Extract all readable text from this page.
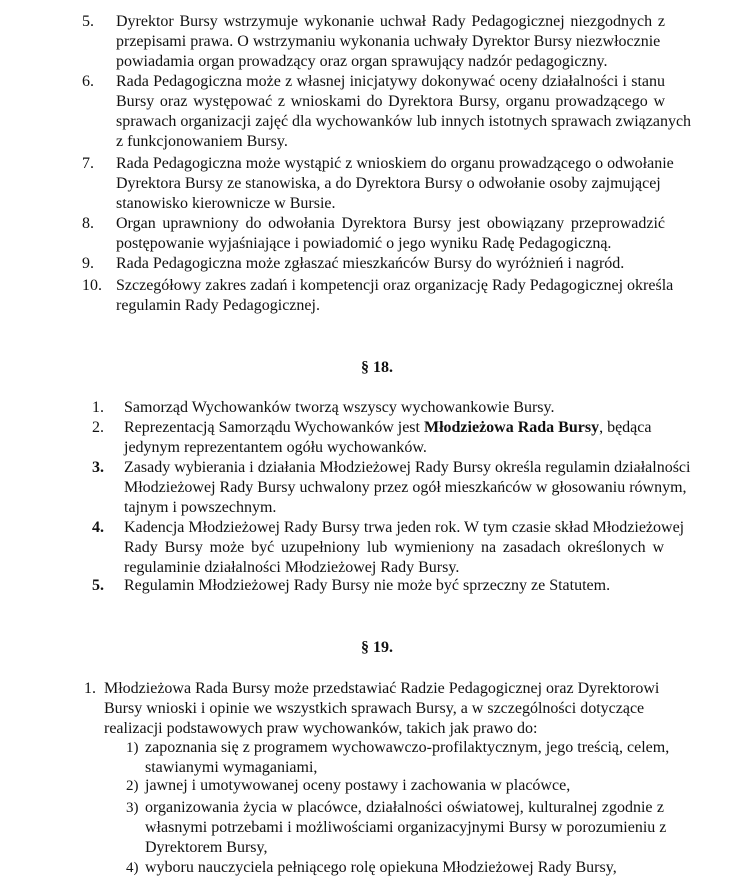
5. Dyrektor Bursy wstrzymuje wykonanie uchwał Rady Pedagogicznej niezgodnych z
przepisami prawa. O wstrzymaniu wykonania uchwały Dyrektor Bursy niezwłocznie
powiadamia organ prowadzący oraz organ sprawujący nadzór pedagogiczny.
6. Rada Pedagogiczna może z własnej inicjatywy dokonywać oceny działalności i stanu
Bursy oraz występować z wnioskami do Dyrektora Bursy, organu prowadzącego w
sprawach organizacji zajęć dla wychowanków lub innych istotnych sprawach związanych
z funkcjonowaniem Bursy.
7. Rada Pedagogiczna może wystąpić z wnioskiem do organu prowadzącego o odwołanie
Dyrektora Bursy ze stanowiska, a do Dyrektora Bursy o odwołanie osoby zajmującej
stanowisko kierownicze w Bursie.
8. Organ uprawniony do odwołania Dyrektora Bursy jest obowiązany przeprowadzić
postępowanie wyjaśniające i powiadomić o jego wyniku Radę Pedagogiczną.
9. Rada Pedagogiczna może zgłaszać mieszkańców Bursy do wyróżnień i nagród.
10. Szczegółowy zakres zadań i kompetencji oraz organizację Rady Pedagogicznej określa
regulamin Rady Pedagogicznej.
§ 18.
1. Samorząd Wychowanków tworzą wszyscy wychowankowie Bursy.
2. Reprezentacją Samorządu Wychowanków jest Młodzieżowa Rada Bursy, będąca
jedynym reprezentantem ogółu wychowanków.
3. Zasady wybierania i działania Młodzieżowej Rady Bursy określa regulamin działalności
Młodzieżowej Rady Bursy uchwalony przez ogół mieszkańców w głosowaniu równym,
tajnym i powszechnym.
4. Kadencja Młodzieżowej Rady Bursy trwa jeden rok. W tym czasie skład Młodzieżowej
Rady Bursy może być uzupełniony lub wymieniony na zasadach określonych w
regulaminie działalności Młodzieżowej Rady Bursy.
5. Regulamin Młodzieżowej Rady Bursy nie może być sprzeczny ze Statutem.
§ 19.
1. Młodzieżowa Rada Bursy może przedstawiać Radzie Pedagogicznej oraz Dyrektorowi
Bursy wnioski i opinie we wszystkich sprawach Bursy, a w szczególności dotyczące
realizacji podstawowych praw wychowanków, takich jak prawo do:
1) zapoznania się z programem wychowawczo-profilaktycznym, jego treścią, celem,
stawianymi wymaganiami,
2) jawnej i umotywowanej oceny postawy i zachowania w placówce,
3) organizowania życia w placówce, działalności oświatowej, kulturalnej zgodnie z
własnymi potrzebami i możliwościami organizacyjnymi Bursy w porozumieniu z
Dyrektorem Bursy,
4) wyboru nauczyciela pełniącego rolę opiekuna Młodzieżowej Rady Bursy,
